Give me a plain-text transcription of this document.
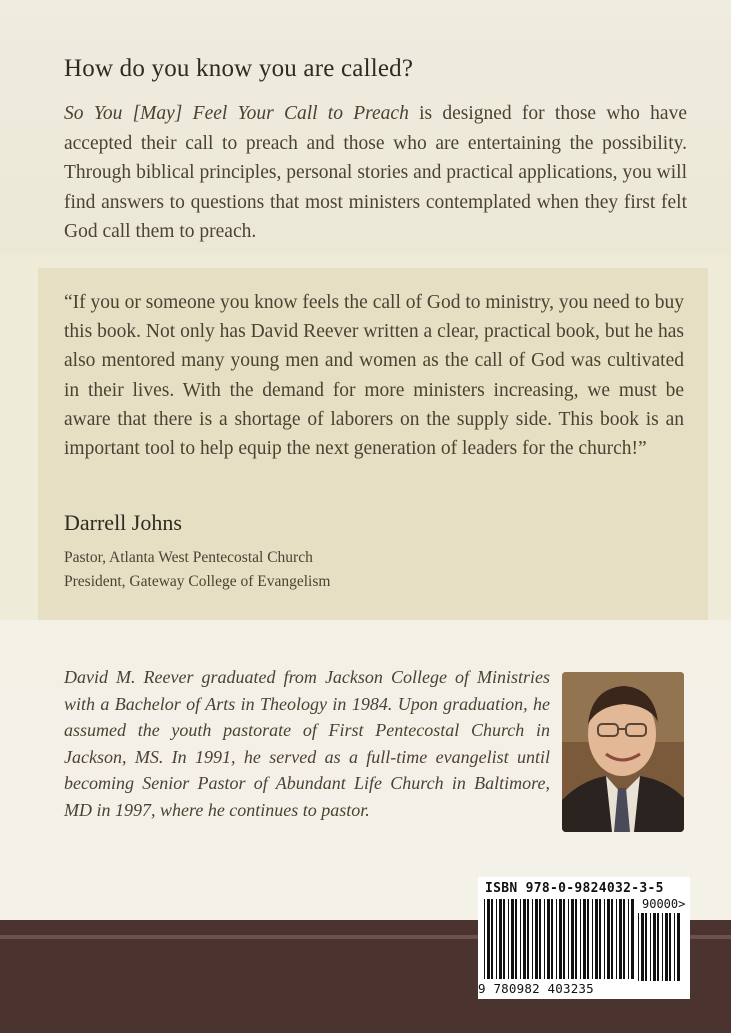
How do you know you are called?

So You [May] Feel Your Call to Preach is designed for those who have accepted their call to preach and those who are entertaining the possibility. Through biblical principles, personal stories and practical applications, you will find answers to questions that most ministers contemplated when they first felt God call them to preach.

“If you or someone you know feels the call of God to ministry, you need to buy this book. Not only has David Reever written a clear, practical book, but he has also mentored many young men and women as the call of God was cultivated in their lives. With the demand for more ministers increasing, we must be aware that there is a shortage of laborers on the supply side. This book is an important tool to help equip the next generation of leaders for the church!”

Darrell Johns

Pastor, Atlanta West Pentecostal Church

President, Gateway College of Evangelism

David M. Reever graduated from Jackson College of Ministries with a Bachelor of Arts in Theology in 1984. Upon graduation, he assumed the youth pastorate of First Pentecostal Church in Jackson, MS. In 1991, he served as a full-time evangelist until becoming Senior Pastor of Abundant Life Church in Baltimore, MD in 1997, where he continues to pastor.

ISBN 978-0-9824032-3-5

90000>

9 780982 403235
